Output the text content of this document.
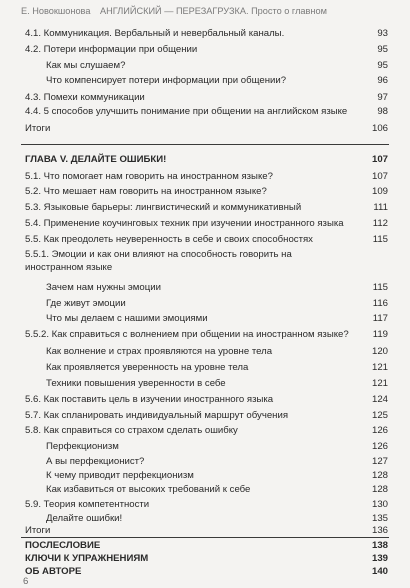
Е. Новокшонова АНГЛИЙСКИЙ — ПЕРЕЗАГРУЗКА. Просто о главном
4.1. Коммуникация. Вербальный и невербальный каналы.	93
4.2. Потери информации при общении	95
Как мы слушаем?	95
Что компенсирует потери информации при общении?	96
4.3. Помехи коммуникации	97
4.4. 5 способов улучшить понимание при общении на английском языке	98
Итоги	106
ГЛАВА V. ДЕЛАЙТЕ ОШИБКИ!	107
5.1. Что помогает нам говорить на иностранном языке?	107
5.2. Что мешает нам говорить на иностранном языке?	109
5.3. Языковые барьеры: лингвистический и коммуникативный	111
5.4. Применение коучинговых техник при изучении иностранного языка	112
5.5. Как преодолеть неуверенность в себе и своих способностях	115
5.5.1. Эмоции и как они влияют на способность говорить на иностранном языке
Зачем нам нужны эмоции	115
Где живут эмоции	116
Что мы делаем с нашими эмоциями	117
5.5.2. Как справиться с волнением при общении на иностранном языке?	119
Как волнение и страх проявляются на уровне тела	120
Как проявляется уверенность на уровне тела	121
Техники повышения уверенности в себе	121
5.6. Как поставить цель в изучении иностранного языка	124
5.7. Как спланировать индивидуальный маршрут обучения	125
5.8. Как справиться со страхом сделать ошибку	126
6
Перфекционизм	126
А вы перфекционист?	127
К чему приводит перфекционизм	128
Как избавиться от высоких требований к себе	128
5.9. Теория компетентности	130
Делайте ошибки!	135
Итоги	136
ПОСЛЕСЛОВИЕ	138
КЛЮЧИ К УПРАЖНЕНИЯМ	139
ОБ АВТОРЕ	140
